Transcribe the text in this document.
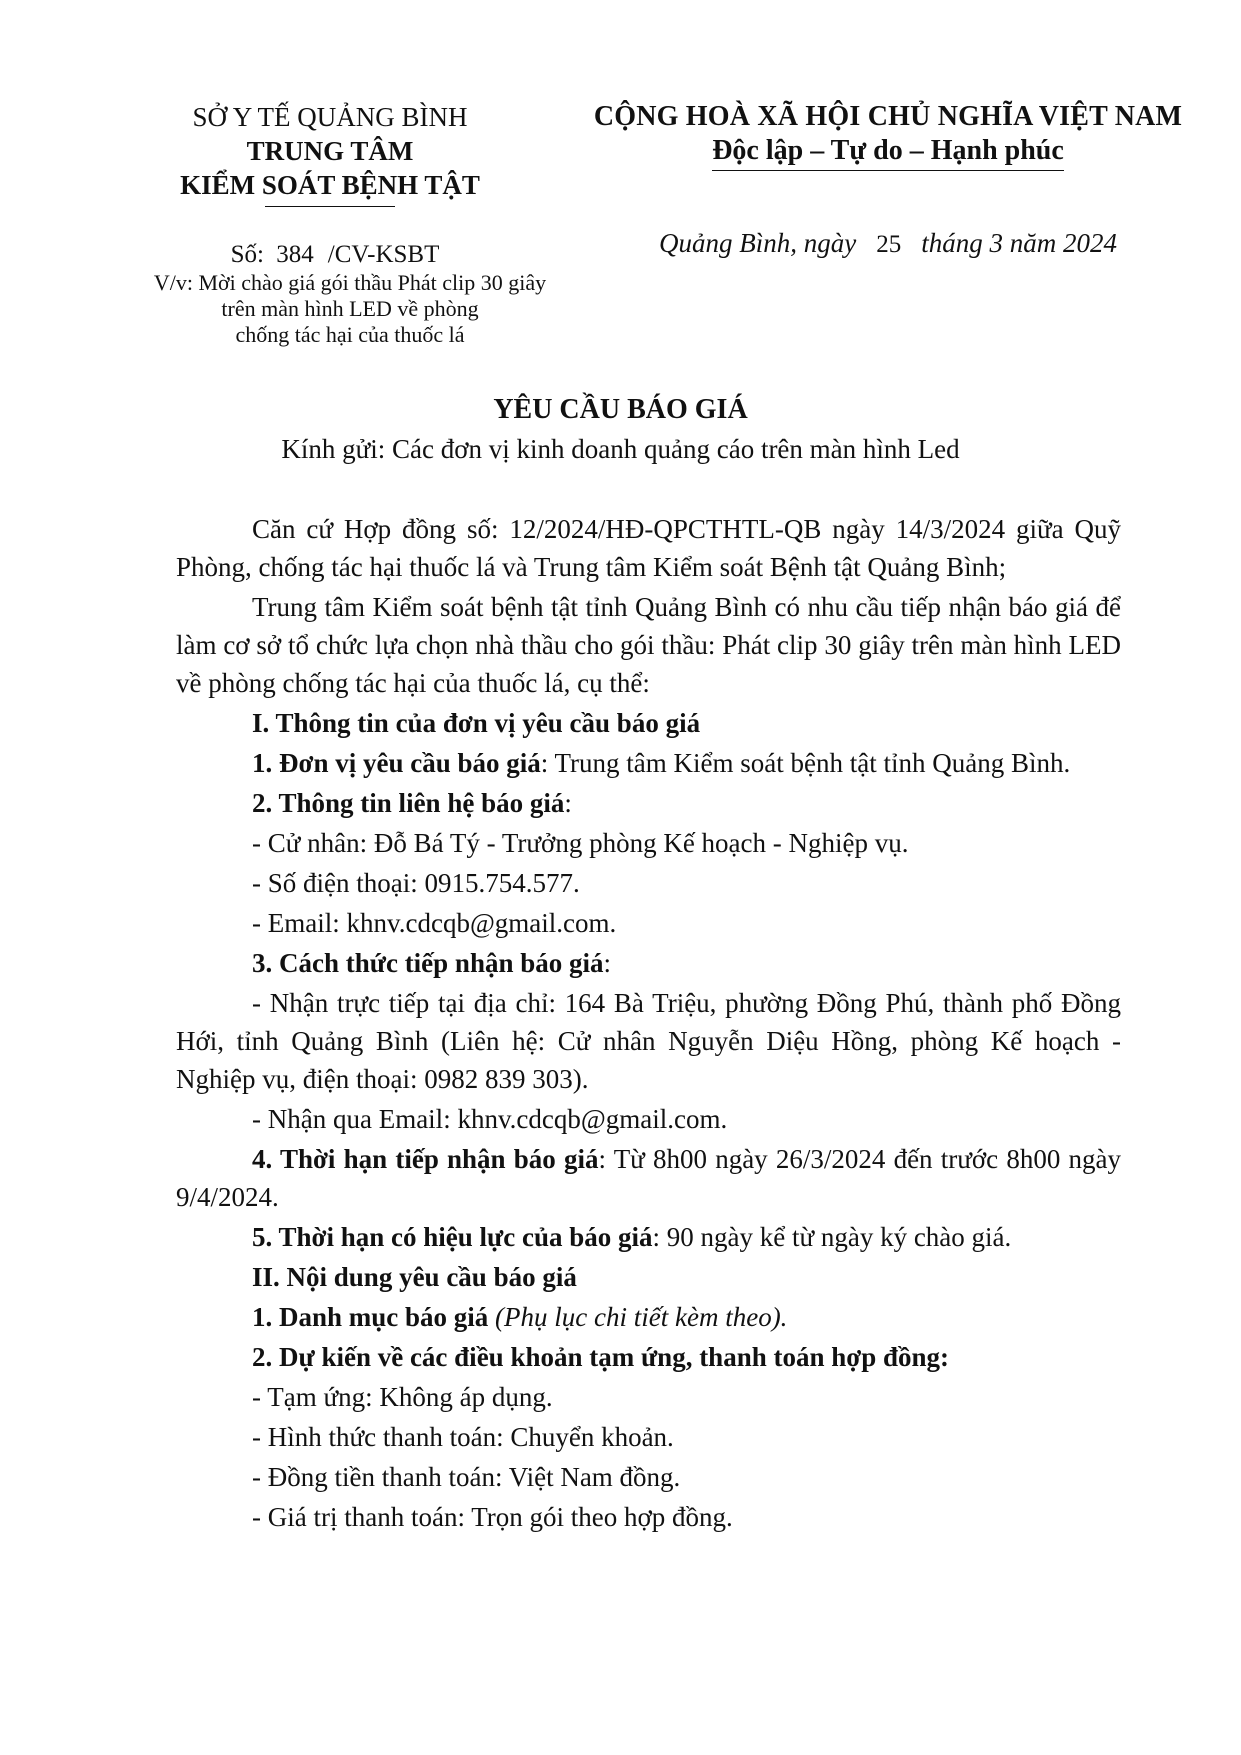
SỞ Y TẾ QUẢNG BÌNH
TRUNG TÂM
KIỂM SOÁT BỆNH TẬT
CỘNG HOÀ XÃ HỘI CHỦ NGHĨA VIỆT NAM
Độc lập – Tự do – Hạnh phúc
Số: 384 /CV-KSBT
V/v: Mời chào giá gói thầu Phát clip 30 giây
trên màn hình LED về phòng
chống tác hại của thuốc lá
Quảng Bình, ngày 25 tháng 3 năm 2024
YÊU CẦU BÁO GIÁ
Kính gửi: Các đơn vị kinh doanh quảng cáo trên màn hình Led

Căn cứ Hợp đồng số: 12/2024/HĐ-QPCTHTL-QB ngày 14/3/2024 giữa Quỹ Phòng, chống tác hại thuốc lá và Trung tâm Kiểm soát Bệnh tật Quảng Bình;

Trung tâm Kiểm soát bệnh tật tỉnh Quảng Bình có nhu cầu tiếp nhận báo giá để làm cơ sở tổ chức lựa chọn nhà thầu cho gói thầu: Phát clip 30 giây trên màn hình LED về phòng chống tác hại của thuốc lá, cụ thể:

I. Thông tin của đơn vị yêu cầu báo giá

1. Đơn vị yêu cầu báo giá: Trung tâm Kiểm soát bệnh tật tỉnh Quảng Bình.

2. Thông tin liên hệ báo giá:

- Cử nhân: Đỗ Bá Tý - Trưởng phòng Kế hoạch - Nghiệp vụ.

- Số điện thoại: 0915.754.577.

- Email: khnv.cdcqb@gmail.com.

3. Cách thức tiếp nhận báo giá:

- Nhận trực tiếp tại địa chỉ: 164 Bà Triệu, phường Đồng Phú, thành phố Đồng Hới, tỉnh Quảng Bình (Liên hệ: Cử nhân Nguyễn Diệu Hồng, phòng Kế hoạch - Nghiệp vụ, điện thoại: 0982 839 303).

- Nhận qua Email: khnv.cdcqb@gmail.com.

4. Thời hạn tiếp nhận báo giá: Từ 8h00 ngày 26/3/2024 đến trước 8h00 ngày 9/4/2024.

5. Thời hạn có hiệu lực của báo giá: 90 ngày kể từ ngày ký chào giá.

II. Nội dung yêu cầu báo giá

1. Danh mục báo giá (Phụ lục chi tiết kèm theo).

2. Dự kiến về các điều khoản tạm ứng, thanh toán hợp đồng:

- Tạm ứng: Không áp dụng.

- Hình thức thanh toán: Chuyển khoản.

- Đồng tiền thanh toán: Việt Nam đồng.

- Giá trị thanh toán: Trọn gói theo hợp đồng.
